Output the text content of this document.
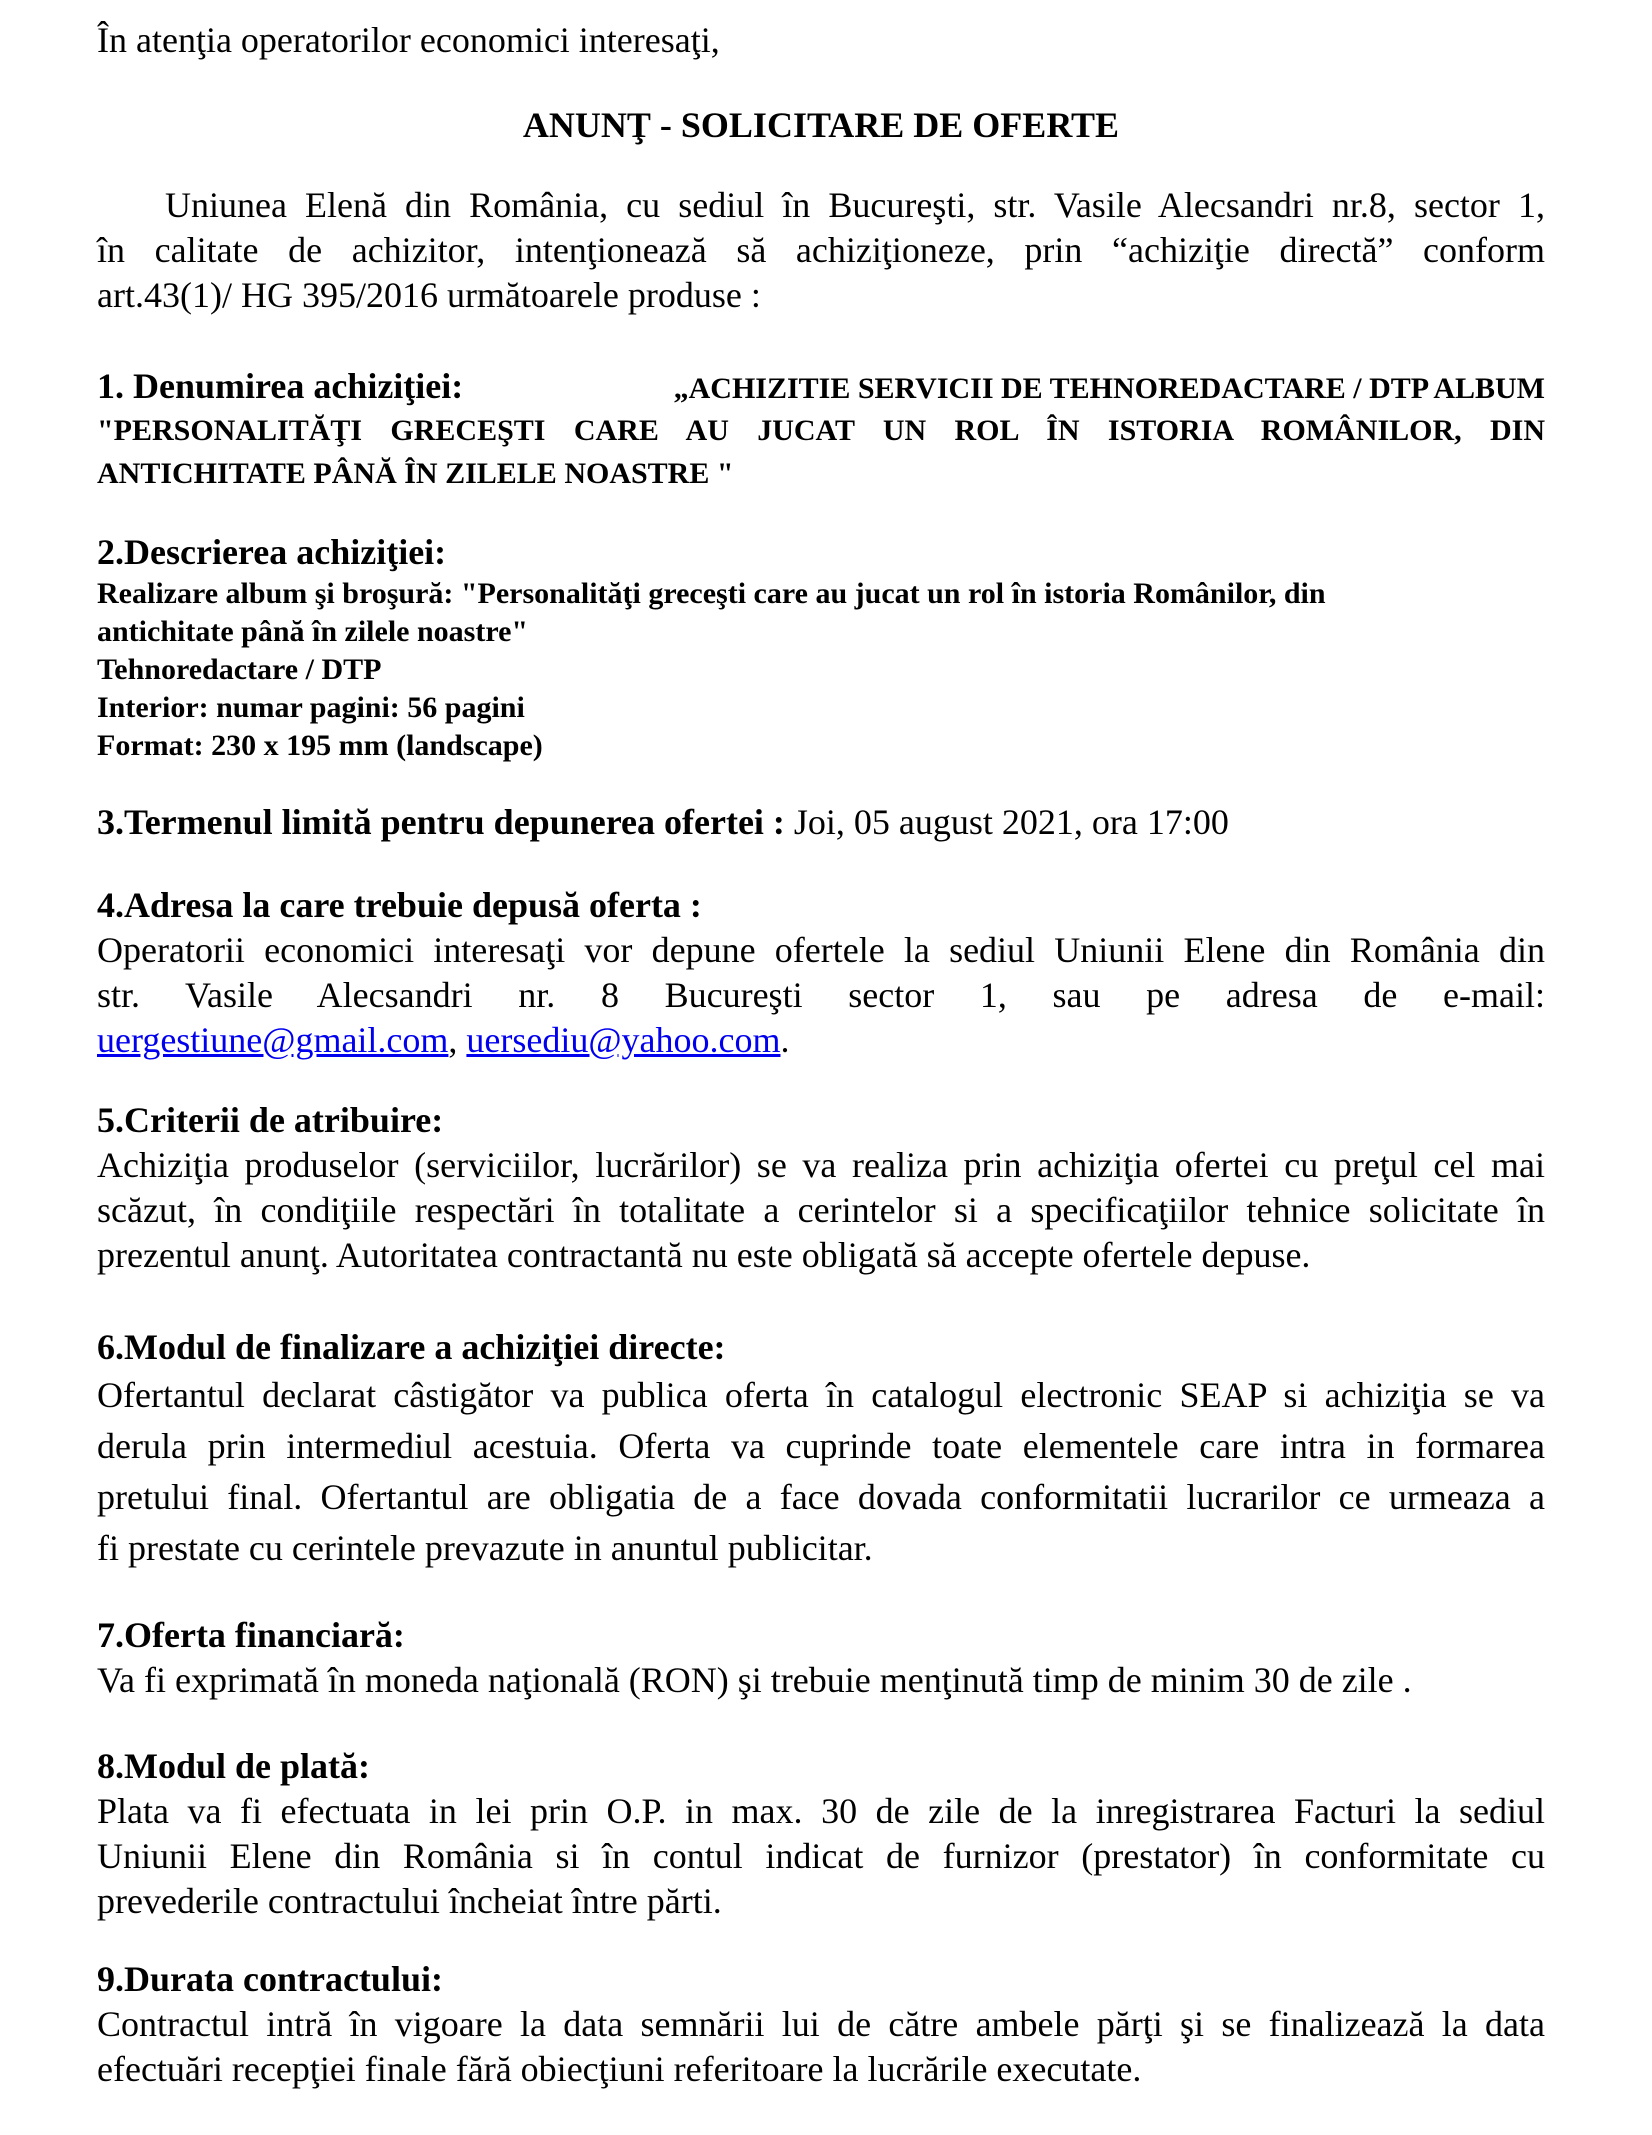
În atenţia operatorilor economici interesaţi,
ANUNŢ - SOLICITARE DE OFERTE
Uniunea Elenă din România, cu sediul în Bucureşti, str. Vasile Alecsandri nr.8, sector 1,
în calitate de achizitor, intenţionează să achiziţioneze, prin “achiziţie directă” conform
art.43(1)/ HG 395/2016 următoarele produse :
1. Denumirea achiziţiei:	„ACHIZITIE SERVICII DE TEHNOREDACTARE / DTP ALBUM
"PERSONALITĂŢI GRECEŞTI CARE AU JUCAT UN ROL ÎN ISTORIA ROMÂNILOR, DIN
ANTICHITATE PÂNĂ ÎN ZILELE NOASTRE "
2.Descrierea achiziţiei:
Realizare album şi broşură: "Personalităţi greceşti care au jucat un rol în istoria Românilor, din
antichitate până în zilele noastre"
Tehnoredactare / DTP
Interior: numar pagini: 56 pagini
Format: 230 x 195 mm (landscape)
3.Termenul limită pentru depunerea ofertei : Joi, 05 august 2021, ora 17:00
4.Adresa la care trebuie depusă oferta :
Operatorii economici interesaţi vor depune ofertele la sediul Uniunii Elene din România din
str. Vasile Alecsandri nr. 8 Bucureşti sector 1, sau pe adresa de e-mail:
uergestiune@gmail.com, uersediu@yahoo.com.
5.Criterii de atribuire:
Achiziţia produselor (serviciilor, lucrărilor) se va realiza prin achiziţia ofertei cu preţul cel mai
scăzut, în condiţiile respectări în totalitate a cerintelor si a specificaţiilor tehnice solicitate în
prezentul anunţ. Autoritatea contractantă nu este obligată să accepte ofertele depuse.
6.Modul de finalizare a achiziţiei directe:
Ofertantul declarat câstigător va publica oferta în catalogul electronic SEAP si achiziţia se va
derula prin intermediul acestuia. Oferta va cuprinde toate elementele care intra in formarea
pretului final. Ofertantul are obligatia de a face dovada conformitatii lucrarilor ce urmeaza a
fi prestate cu cerintele prevazute in anuntul publicitar.
7.Oferta financiară:
Va fi exprimată în moneda naţională (RON) şi trebuie menţinută timp de minim 30 de zile .
8.Modul de plată:
Plata va fi efectuata in lei prin O.P. in max. 30 de zile de la inregistrarea Facturi la sediul
Uniunii Elene din România si în contul indicat de furnizor (prestator) în conformitate cu
prevederile contractului încheiat între părti.
9.Durata contractului:
Contractul intră în vigoare la data semnării lui de către ambele părţi şi se finalizează la data
efectuări recepţiei finale fără obiecţiuni referitoare la lucrările executate.
